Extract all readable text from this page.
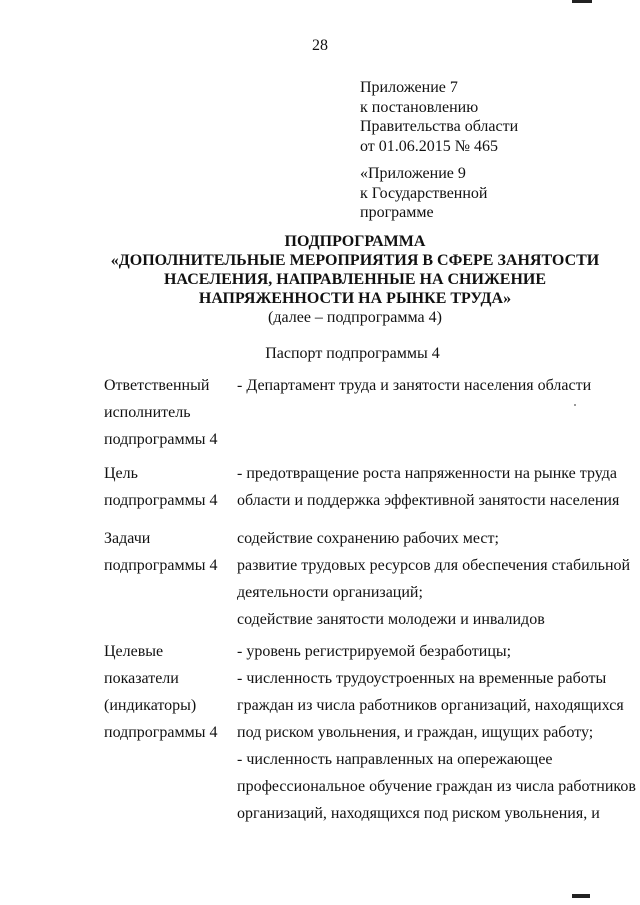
28
Приложение 7
к постановлению
Правительства области
от 01.06.2015 № 465
«Приложение 9
к Государственной
программе
ПОДПРОГРАММА
«ДОПОЛНИТЕЛЬНЫЕ МЕРОПРИЯТИЯ В СФЕРЕ ЗАНЯТОСТИ
НАСЕЛЕНИЯ, НАПРАВЛЕННЫЕ НА СНИЖЕНИЕ
НАПРЯЖЕННОСТИ НА РЫНКЕ ТРУДА»
(далее – подпрограмма 4)
Паспорт подпрограммы 4
Ответственный
исполнитель
подпрограммы 4
- Департамент труда и занятости населения области
Цель
подпрограммы 4
- предотвращение роста напряженности на рынке труда
области и поддержка эффективной занятости населения
Задачи
подпрограммы 4
содействие сохранению рабочих мест;
развитие трудовых ресурсов для обеспечения стабильной
деятельности организаций;
содействие занятости молодежи и инвалидов
Целевые
показатели
(индикаторы)
подпрограммы 4
- уровень регистрируемой безработицы;
- численность трудоустроенных на временные работы
граждан из числа работников организаций, находящихся
под риском увольнения, и граждан, ищущих работу;
- численность направленных на опережающее
профессиональное обучение граждан из числа работников
организаций, находящихся под риском увольнения, и
